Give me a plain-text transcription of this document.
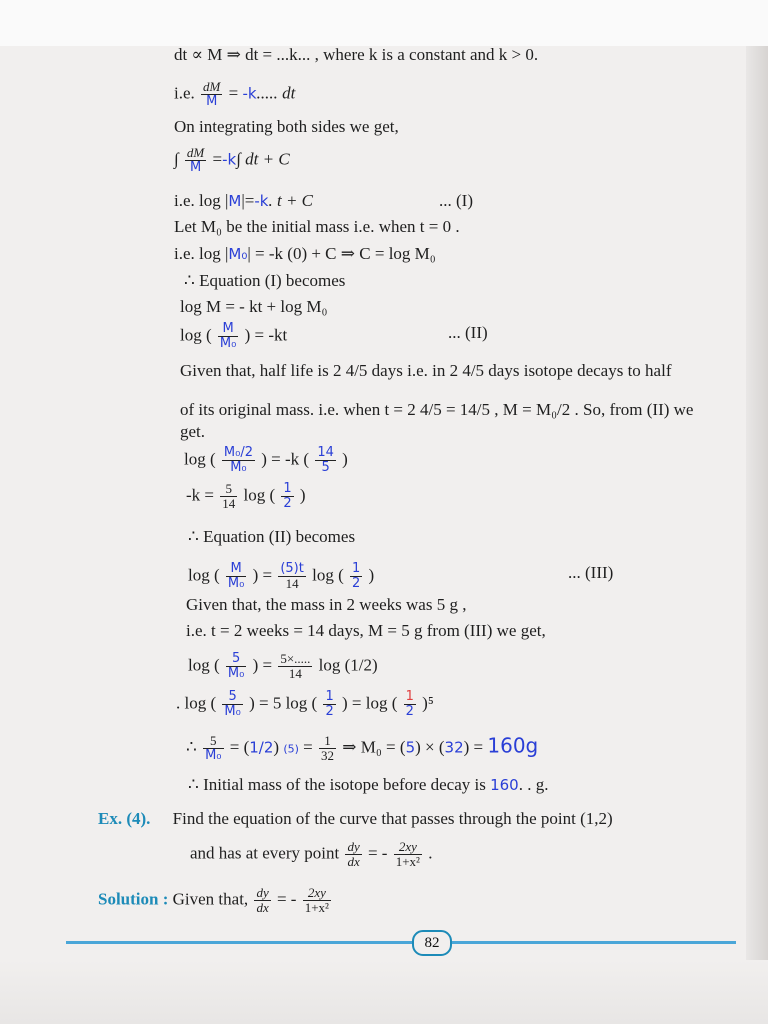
dt ∝ M ⇒ dt = ...k... , where k is a constant and k > 0.
i.e. $\frac{dM}{M} = -k$..... dt
On integrating both sides we get,
∫ $\frac{dM}{M} =-k\int$ dt + C
i.e. log |M|=-k. t + C	... (I)
Let M₀ be the initial mass i.e. when t = 0 .
i.e. log |M₀| = -k (0) + C ⇒ C = log M₀
∴ Equation (I) becomes
log M = - kt + log M₀
log ( $\frac{M}{\text{M₀}}$ ) = -kt	... (II)
Given that, half life is 2 4/5 days i.e. in 2 4/5 days isotope decays to half
of its original mass. i.e. when t = 2 4/5 = 14/5 , M = M₀/2 . So, from (II) we
get.
log ( $\frac{\text{M₀/2}}{\text{M₀}}$ ) = -k ( $\frac{14}{5}$ )
$-k = \frac{5}{14}$ log ( $\frac{1}{2}$ )
∴ Equation (II) becomes
log ( $\frac{M}{\text{M₀}}$ ) = $\frac{(5)t}{14}$ log ( $\frac{1}{2}$ )	... (III)
Given that, the mass in 2 weeks was 5 g ,
i.e. t = 2 weeks = 14 days, M = 5 g from (III) we get,
log ( $\frac{5}{\text{M₀}}$ ) = $\frac{5\times.....}{14}$ log (1/2)
. log ( $\frac{5}{\text{M₀}}$ ) = 5 log ( $\frac{1}{2}$ ) = log ( $\frac{1}{2} )^5$
∴ $\frac{5}{\text{M₀}} = (1/2) (5) = \frac{1}{32}$ ⇒ M₀ = (5) × (32) = 160g
∴ Initial mass of the isotope before decay is 160. . g.
Ex. (4). Find the equation of the curve that passes through the point (1,2)
and has at every point $\frac{dy}{dx}$ = - $\frac{2xy}{\text{1+x²}}$ .
Solution : Given that, $\frac{dy}{dx}$ = - $\frac{2xy}{\text{1+x²}}$
82
